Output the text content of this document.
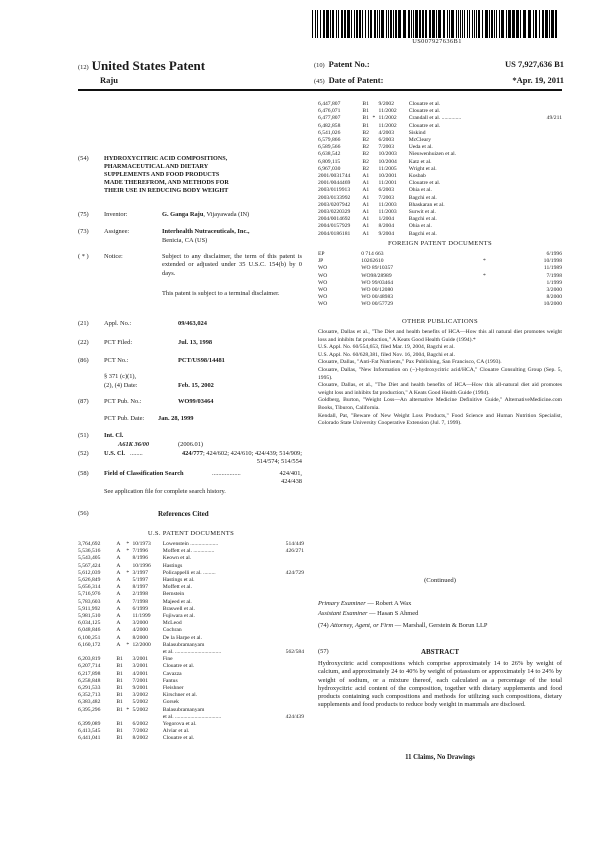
US007927636B1
(12) United States Patent
Raju
(10) Patent No.:	US 7,927,636 B1
(45) Date of Patent:	*Apr. 19, 2011
(54) HYDROXYCITRIC ACID COMPOSITIONS,
PHARMACEUTICAL AND DIETARY
SUPPLEMENTS AND FOOD PRODUCTS
MADE THEREFROM, AND METHODS FOR
THEIR USE IN REDUCING BODY WEIGHT
(75) Inventor:	G. Ganga Raju, Vijayawada (IN)
(73) Assignee:	Interhealth Nutraceuticals, Inc.,
Benicia, CA (US)
( * ) Notice:	Subject to any disclaimer, the term of this patent is extended or adjusted under 35 U.S.C. 154(b) by 0 days.
This patent is subject to a terminal disclaimer.
(21) Appl. No.:	09/463,024
(22) PCT Filed:	Jul. 13, 1998
(86) PCT No.:	PCT/US98/14481
§ 371 (c)(1),
(2), (4) Date:	Feb. 15, 2002
(87) PCT Pub. No.:	WO99/03464
PCT Pub. Date: Jan. 28, 1999
(51) Int. Cl.
A61K 36/00	(2006.01)
(52) U.S. Cl. ........	424/777; 424/602; 424/610; 424/439; 514/909; 514/574; 514/554
(58) Field of Classification Search	..................	424/401, 424/438
See application file for complete search history.
(56)	References Cited
U.S. PATENT DOCUMENTS
3,764,692	A	*	10/1973	Lowenstein ....................	514/449
5,536,516	A	*	7/1996	Moffett et al. ...............	426/271
5,543,405	A		8/1996	Keown et al.	
5,567,424	A		10/1996	Hastings	
5,612,039	A	*	3/1997	Policappelli et al. .........	424/729
5,626,849	A		5/1997	Hastings et al.	
5,656,314	A		8/1997	Moffett et al.	
5,716,976	A		2/1998	Bernstein	
5,783,603	A		7/1998	Majeed et al.	
5,911,992	A		6/1999	Braswell et al.	
5,981,510	A		11/1999	Fujiwara et al.	
6,034,125	A		3/2000	McLeod	
6,048,846	A		4/2000	Cochran	
6,100,251	A		8/2000	De la Harpe et al.	
6,160,172	A	*	12/2000	Balasubramanyam	
				et al. .................................	562/584
6,203,819	B1		3/2001	Fine	
6,207,714	B1		3/2001	Clouatre et al.	
6,217,898	B1		4/2001	Cavazza	
6,258,848	B1		7/2001	Fantus	
6,291,533	B1		9/2001	Fleishner	
6,352,713	B1		3/2002	Kirschner et al.	
6,383,482	B1		5/2002	Gorsek	
6,395,296	B1	*	5/2002	Balasubramanyam	
				et al. .................................	424/439
6,399,089	B1		6/2002	Yegorova et al.	
6,413,545	B1		7/2002	Alviar et al.	
6,441,041	B1		8/2002	Clouatre et al.	
6,447,807	B1		9/2002	Clouatre et al.	
6,476,071	B1		11/2002	Clouatre et al.	
6,477,807	B1	*	11/2002	Crandall et al. ..............	49/211
6,482,858	B1		11/2002	Clouatre et al.	
6,541,026	B2		4/2003	Siskind	
6,579,866	B2		6/2003	McCleary	
6,589,566	B2		7/2003	Ueda et al.	
6,638,542	B2		10/2003	Nieuwenhuizen et al.	
6,809,115	B2		10/2004	Katz et al.	
6,967,030	B2		11/2005	Wright et al.	
2001/0031744	A1		10/2001	Kosbab	
2001/0044469	A1		11/2001	Clouatre et al.	
2003/0119913	A1		6/2003	Ohia et al.	
2003/0133992	A1		7/2003	Bagchi et al.	
2003/0207942	A1		11/2003	Bhaskaran et al.	
2003/0220329	A1		11/2003	Surwit et al.	
2004/0014692	A1		1/2004	Bagchi et al.	
2004/0157929	A1		8/2004	Ohia et al.	
2004/0186181	A1		9/2004	Bagchi et al.	
FOREIGN PATENT DOCUMENTS
EP	0 714 663		6/1996
JP	10262610	*	10/1998
WO	WO 89/10357		11/1989
WO	WO98/28989	*	7/1998
WO	WO 99/03464		1/1999
WO	WO 00/12080		3/2000
WO	WO 00/48983		8/2000
WO	WO 00/57729		10/2000
OTHER PUBLICATIONS
Clouatre, Dallas et al., "The Diet and health benefits of HCA—How this all natural diet promotes weight loss and inhibits fat production," A Keats Good Health Guide (1994).*
U.S. Appl. No. 60/554,653, filed Mar. 19, 2004, Bagchi et al.
U.S. Appl. No. 60/628,381, filed Nov. 16, 2004, Bagchi et al.
Clouatre, Dallas, "Anti-Fat Nutrients," Pax Publishing, San Francisco, CA (1993).
Clouatre, Dallas, "New Information on (−)-hydroxycitric acid/HCA," Clouatre Consulting Group (Sep. 5, 1995).
Clouatre, Dallas, et al., "The Diet and health benefits of HCA—How this all-natural diet aid promotes weight loss and inhibits fat production," A Keats Good Health Guide (1994).
Goldberg, Burton, "Weight Loss—An alternative Medicine Definitive Guide," AlternativeMedicine.com Books, Tiburon, California.
Kendall, Pat, "Beware of New Weight Loss Products," Food Science and Human Nutrition Specialist, Colorado State University Cooperative Extension (Jul. 7, 1999).
(Continued)
Primary Examiner — Robert A Wax
Assistant Examiner — Hasan S Ahmed
(74) Attorney, Agent, or Firm — Marshall, Gerstein & Borun LLP
(57)	ABSTRACT
Hydroxycitric acid compositions which comprise approximately 14 to 26% by weight of calcium, and approximately 24 to 40% by weight of potassium or approximately 14 to 24% by weight of sodium, or a mixture thereof, each calculated as a percentage of the total hydroxycitric acid content of the composition, together with dietary supplements and food products containing such compositions and methods for utilizing such compositions, dietary supplements and food products to reduce body weight in mammals are disclosed.
11 Claims, No Drawings
